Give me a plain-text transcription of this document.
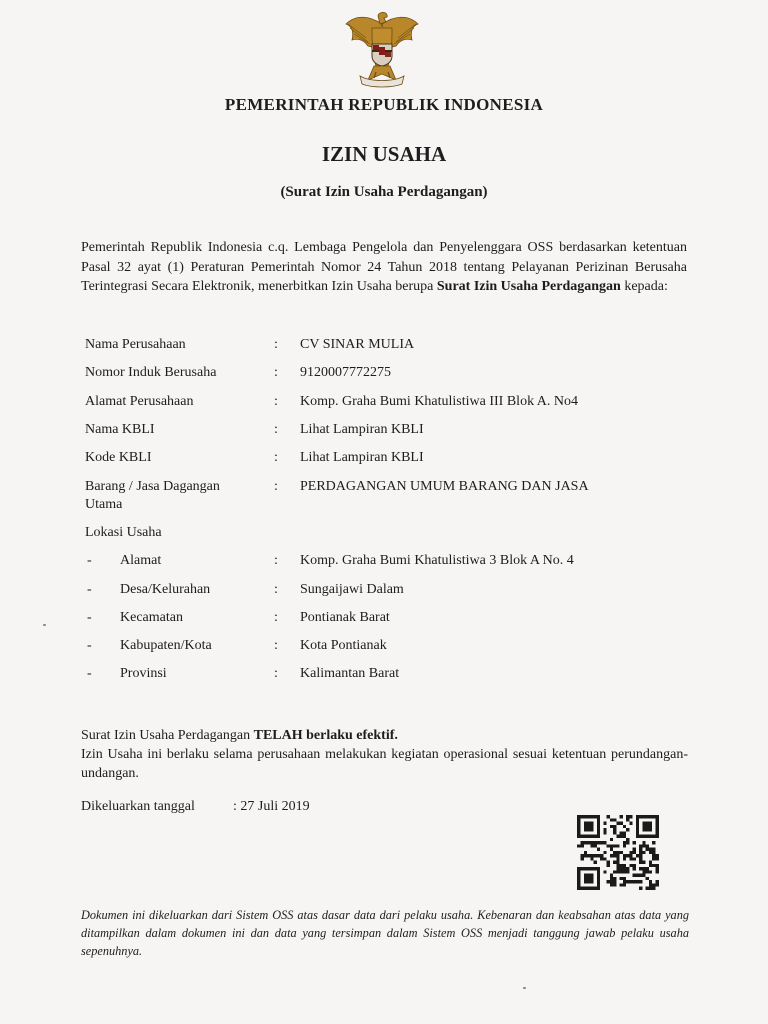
PEMERINTAH REPUBLIK INDONESIA
IZIN USAHA
(Surat Izin Usaha Perdagangan)
Pemerintah Republik Indonesia c.q. Lembaga Pengelola dan Penyelenggara OSS berdasarkan ketentuan Pasal 32 ayat (1) Peraturan Pemerintah Nomor 24 Tahun 2018 tentang Pelayanan Perizinan Berusaha Terintegrasi Secara Elektronik, menerbitkan Izin Usaha berupa Surat Izin Usaha Perdagangan kepada:
Nama Perusahaan	: CV SINAR MULIA
Nomor Induk Berusaha	: 9120007772275
Alamat Perusahaan	: Komp. Graha Bumi Khatulistiwa III Blok A. No4
Nama KBLI	: Lihat Lampiran KBLI
Kode KBLI	: Lihat Lampiran KBLI
Barang / Jasa Dagangan Utama
: PERDAGANGAN UMUM BARANG DAN JASA
Lokasi Usaha
- Alamat	: Komp. Graha Bumi Khatulistiwa 3 Blok A No. 4
- Desa/Kelurahan	: Sungaijawi Dalam
- Kecamatan	: Pontianak Barat
- Kabupaten/Kota	: Kota Pontianak
- Provinsi	: Kalimantan Barat
Surat Izin Usaha Perdagangan TELAH berlaku efektif.
Izin Usaha ini berlaku selama perusahaan melakukan kegiatan operasional sesuai ketentuan perundangan-undangan.
Dikeluarkan tanggal	: 27 Juli 2019
Dokumen ini dikeluarkan dari Sistem OSS atas dasar data dari pelaku usaha. Kebenaran dan keabsahan atas data yang ditampilkan dalam dokumen ini dan data yang tersimpan dalam Sistem OSS menjadi tanggung jawab pelaku usaha sepenuhnya.
